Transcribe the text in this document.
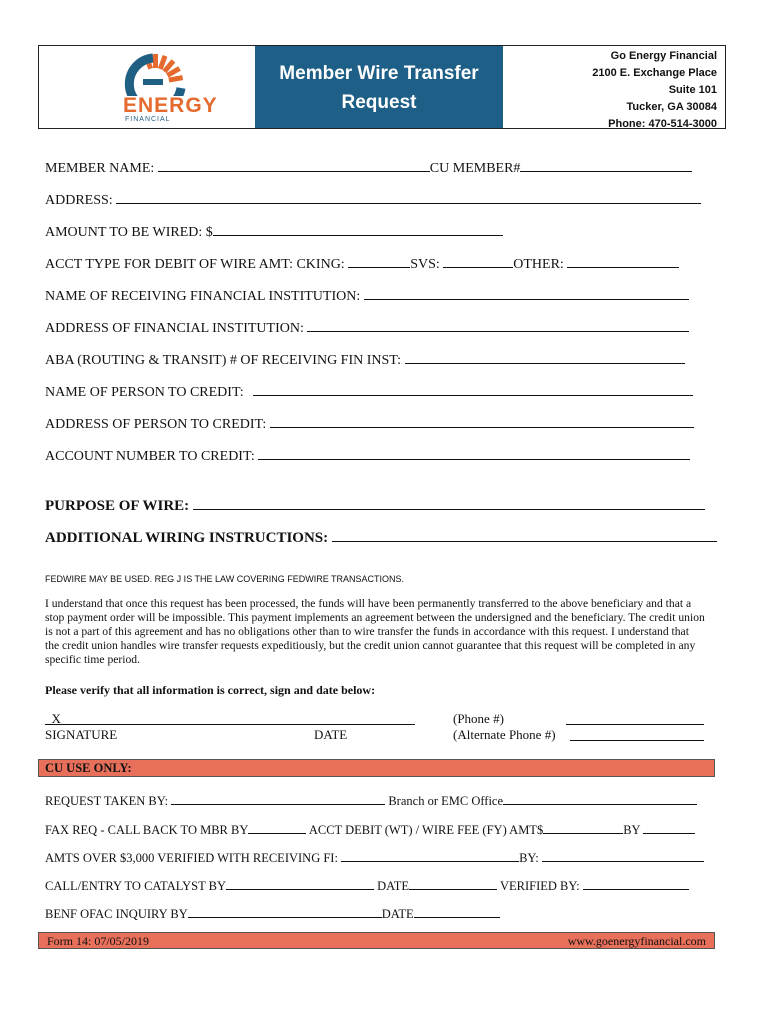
ENERGY
FINANCIAL
Member Wire Transfer
Request
Go Energy Financial
2100 E. Exchange Place
Suite 101
Tucker, GA 30084
Phone: 470-514-3000
MEMBER NAME:	CU MEMBER#
ADDRESS:
AMOUNT TO BE WIRED: $
ACCT TYPE FOR DEBIT OF WIRE AMT: CKING:	SVS:	OTHER:
NAME OF RECEIVING FINANCIAL INSTITUTION:
ADDRESS OF FINANCIAL INSTITUTION:
ABA (ROUTING & TRANSIT) # OF RECEIVING FIN INST:
NAME OF PERSON TO CREDIT:
ADDRESS OF PERSON TO CREDIT:
ACCOUNT NUMBER TO CREDIT:
PURPOSE OF WIRE:
ADDITIONAL WIRING INSTRUCTIONS:
FEDWIRE MAY BE USED. REG J IS THE LAW COVERING FEDWIRE TRANSACTIONS.
I understand that once this request has been processed, the funds will have been permanently transferred to the above beneficiary and that a stop payment order will be impossible. This payment implements an agreement between the undersigned and the beneficiary. The credit union is not a part of this agreement and has no obligations other than to wire transfer the funds in accordance with this request. I understand that the credit union handles wire transfer requests expeditiously, but the credit union cannot guarantee that this request will be completed in any specific time period.
Please verify that all information is correct, sign and date below:
_X_
SIGNATURE	DATE
(Phone #)
(Alternate Phone #)
CU USE ONLY:
REQUEST TAKEN BY:	Branch or EMC Office
FAX REQ - CALL BACK TO MBR BY	ACCT DEBIT (WT) / WIRE FEE (FY) AMT$	BY
AMTS OVER $3,000 VERIFIED WITH RECEIVING FI:	BY:
CALL/ENTRY TO CATALYST BY	DATE	VERIFIED BY:
BENF OFAC INQUIRY BY	DATE
Form 14: 07/05/2019	www.goenergyfinancial.com
